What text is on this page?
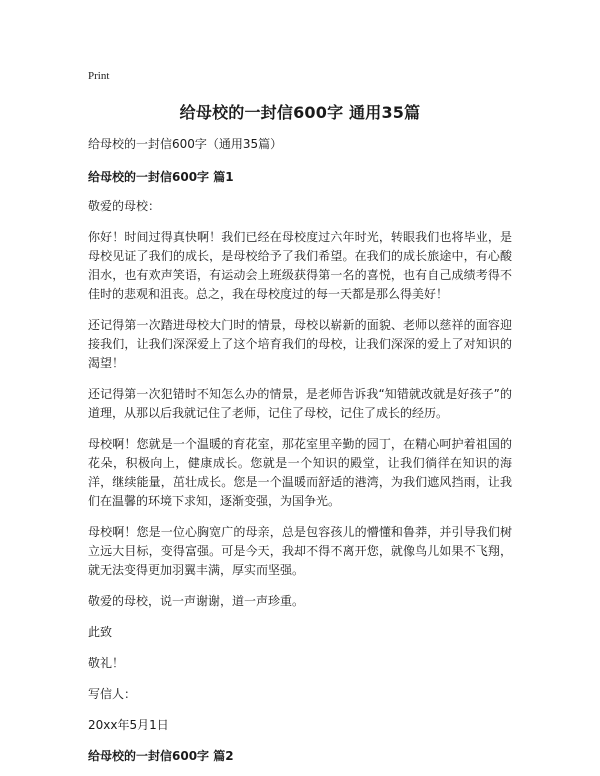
Print
给母校的一封信600字 通用35篇
给母校的一封信600字（通用35篇）
给母校的一封信600字 篇1

敬爱的母校：

你好！时间过得真快啊！我们已经在母校度过六年时光，转眼我们也将毕业，是母校见证了我们的成长，是母校给予了我们希望。在我们的成长旅途中，有心酸泪水，也有欢声笑语，有运动会上班级获得第一名的喜悦，也有自己成绩考得不佳时的悲观和沮丧。总之，我在母校度过的每一天都是那么得美好！

还记得第一次踏进母校大门时的情景，母校以崭新的面貌、老师以慈祥的面容迎接我们，让我们深深爱上了这个培育我们的母校，让我们深深的爱上了对知识的渴望！

还记得第一次犯错时不知怎么办的情景，是老师告诉我“知错就改就是好孩子”的道理，从那以后我就记住了老师，记住了母校，记住了成长的经历。

母校啊！您就是一个温暖的育花室，那花室里辛勤的园丁，在精心呵护着祖国的花朵，积极向上，健康成长。您就是一个知识的殿堂，让我们徜徉在知识的海洋，继续能量，茁壮成长。您是一个温暖而舒适的港湾，为我们遮风挡雨，让我们在温馨的环境下求知，逐渐变强，为国争光。

母校啊！您是一位心胸宽广的母亲，总是包容孩儿的懵懂和鲁莽，并引导我们树立远大目标，变得富强。可是今天，我却不得不离开您，就像鸟儿如果不飞翔，就无法变得更加羽翼丰满，厚实而坚强。

敬爱的母校，说一声谢谢，道一声珍重。

此致

敬礼！

写信人：

20xx年5月1日

给母校的一封信600字 篇2
